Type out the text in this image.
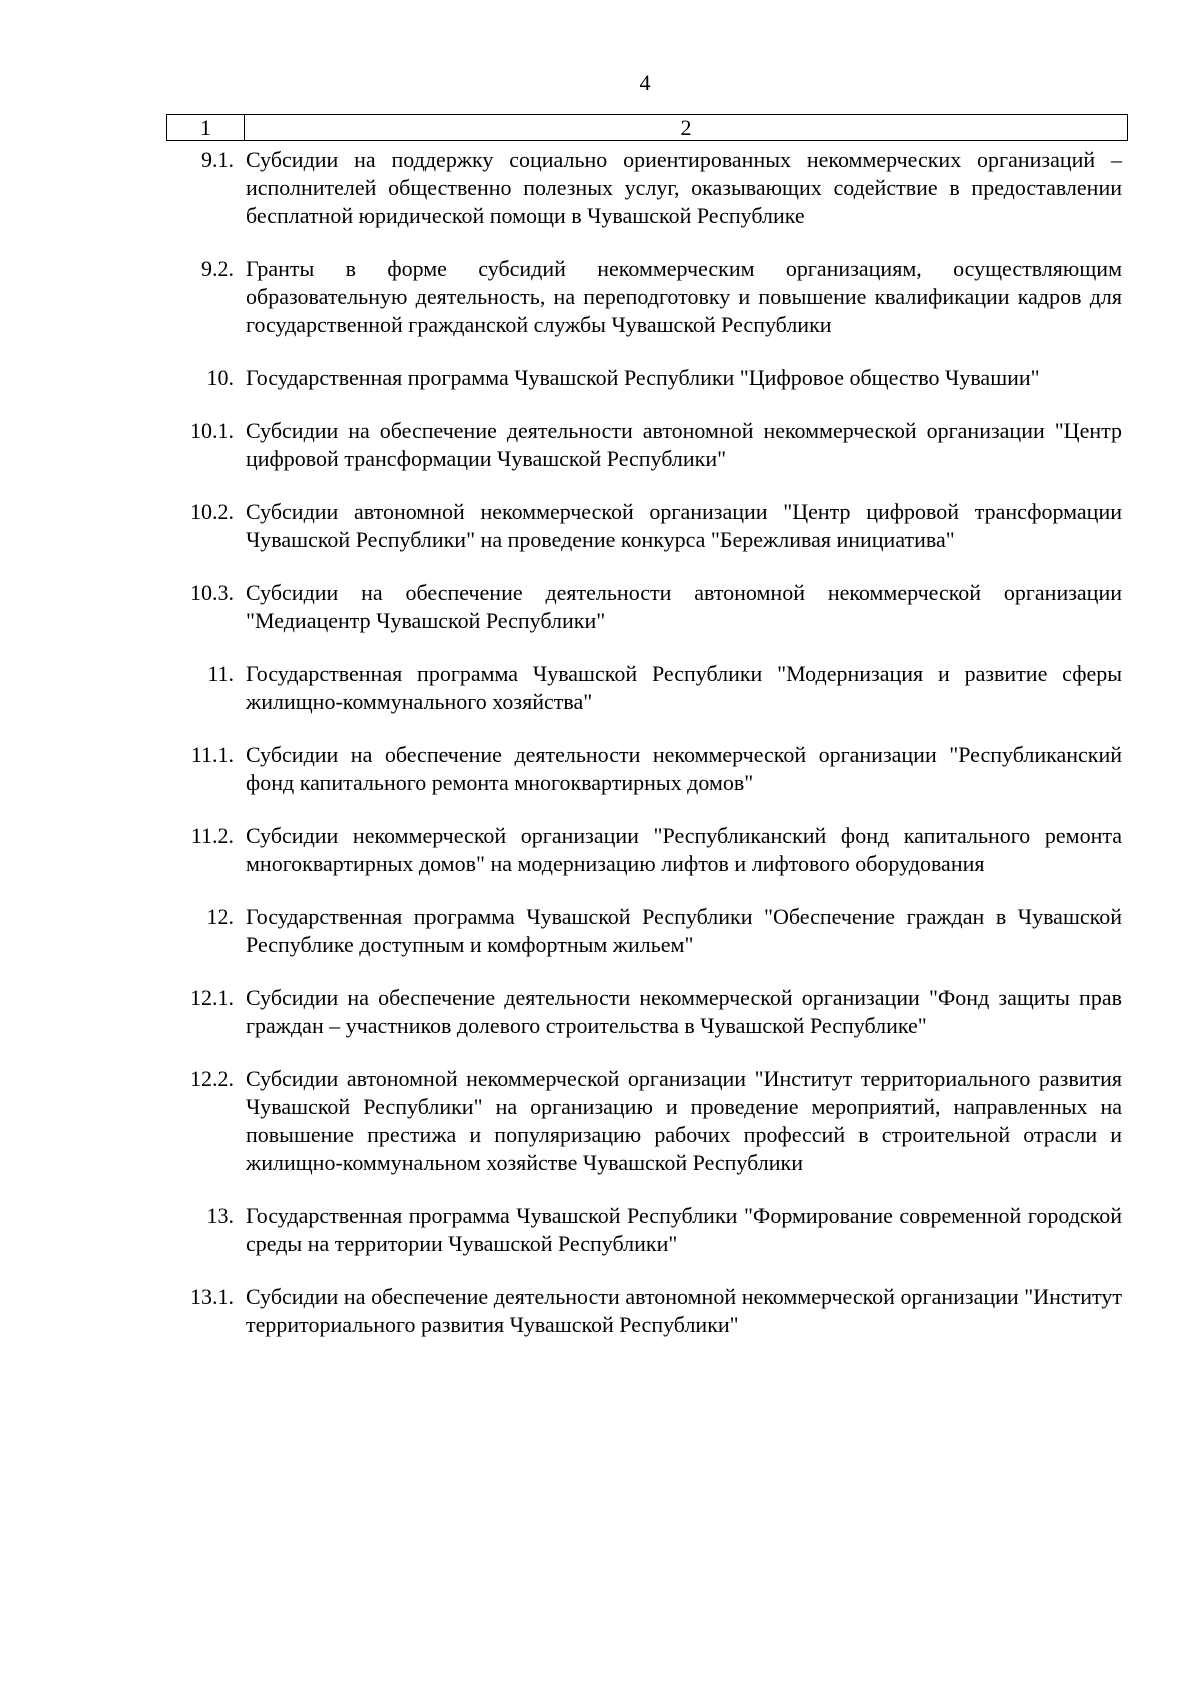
4
1	2
9.1. Субсидии на поддержку социально ориентированных некоммерческих организаций – исполнителей общественно полезных услуг, оказывающих содействие в предоставлении бесплатной юридической помощи в Чувашской Республике
9.2. Гранты в форме субсидий некоммерческим организациям, осуществляющим образовательную деятельность, на переподготовку и повышение квалификации кадров для государственной гражданской службы Чувашской Республики
10. Государственная программа Чувашской Республики "Цифровое общество Чувашии"
10.1. Субсидии на обеспечение деятельности автономной некоммерческой организации "Центр цифровой трансформации Чувашской Республики"
10.2. Субсидии автономной некоммерческой организации "Центр цифровой трансформации Чувашской Республики" на проведение конкурса "Бережливая инициатива"
10.3. Субсидии на обеспечение деятельности автономной некоммерческой организации "Медиацентр Чувашской Республики"
11. Государственная программа Чувашской Республики "Модернизация и развитие сферы жилищно-коммунального хозяйства"
11.1. Субсидии на обеспечение деятельности некоммерческой организации "Республиканский фонд капитального ремонта многоквартирных домов"
11.2. Субсидии некоммерческой организации "Республиканский фонд капитального ремонта многоквартирных домов" на модернизацию лифтов и лифтового оборудования
12. Государственная программа Чувашской Республики "Обеспечение граждан в Чувашской Республике доступным и комфортным жильем"
12.1. Субсидии на обеспечение деятельности некоммерческой организации "Фонд защиты прав граждан – участников долевого строительства в Чувашской Республике"
12.2. Субсидии автономной некоммерческой организации "Институт территориального развития Чувашской Республики" на организацию и проведение мероприятий, направленных на повышение престижа и популяризацию рабочих профессий в строительной отрасли и жилищно-коммунальном хозяйстве Чувашской Республики
13. Государственная программа Чувашской Республики "Формирование современной городской среды на территории Чувашской Республики"
13.1. Субсидии на обеспечение деятельности автономной некоммерческой организации "Институт территориального развития Чувашской Республики"
